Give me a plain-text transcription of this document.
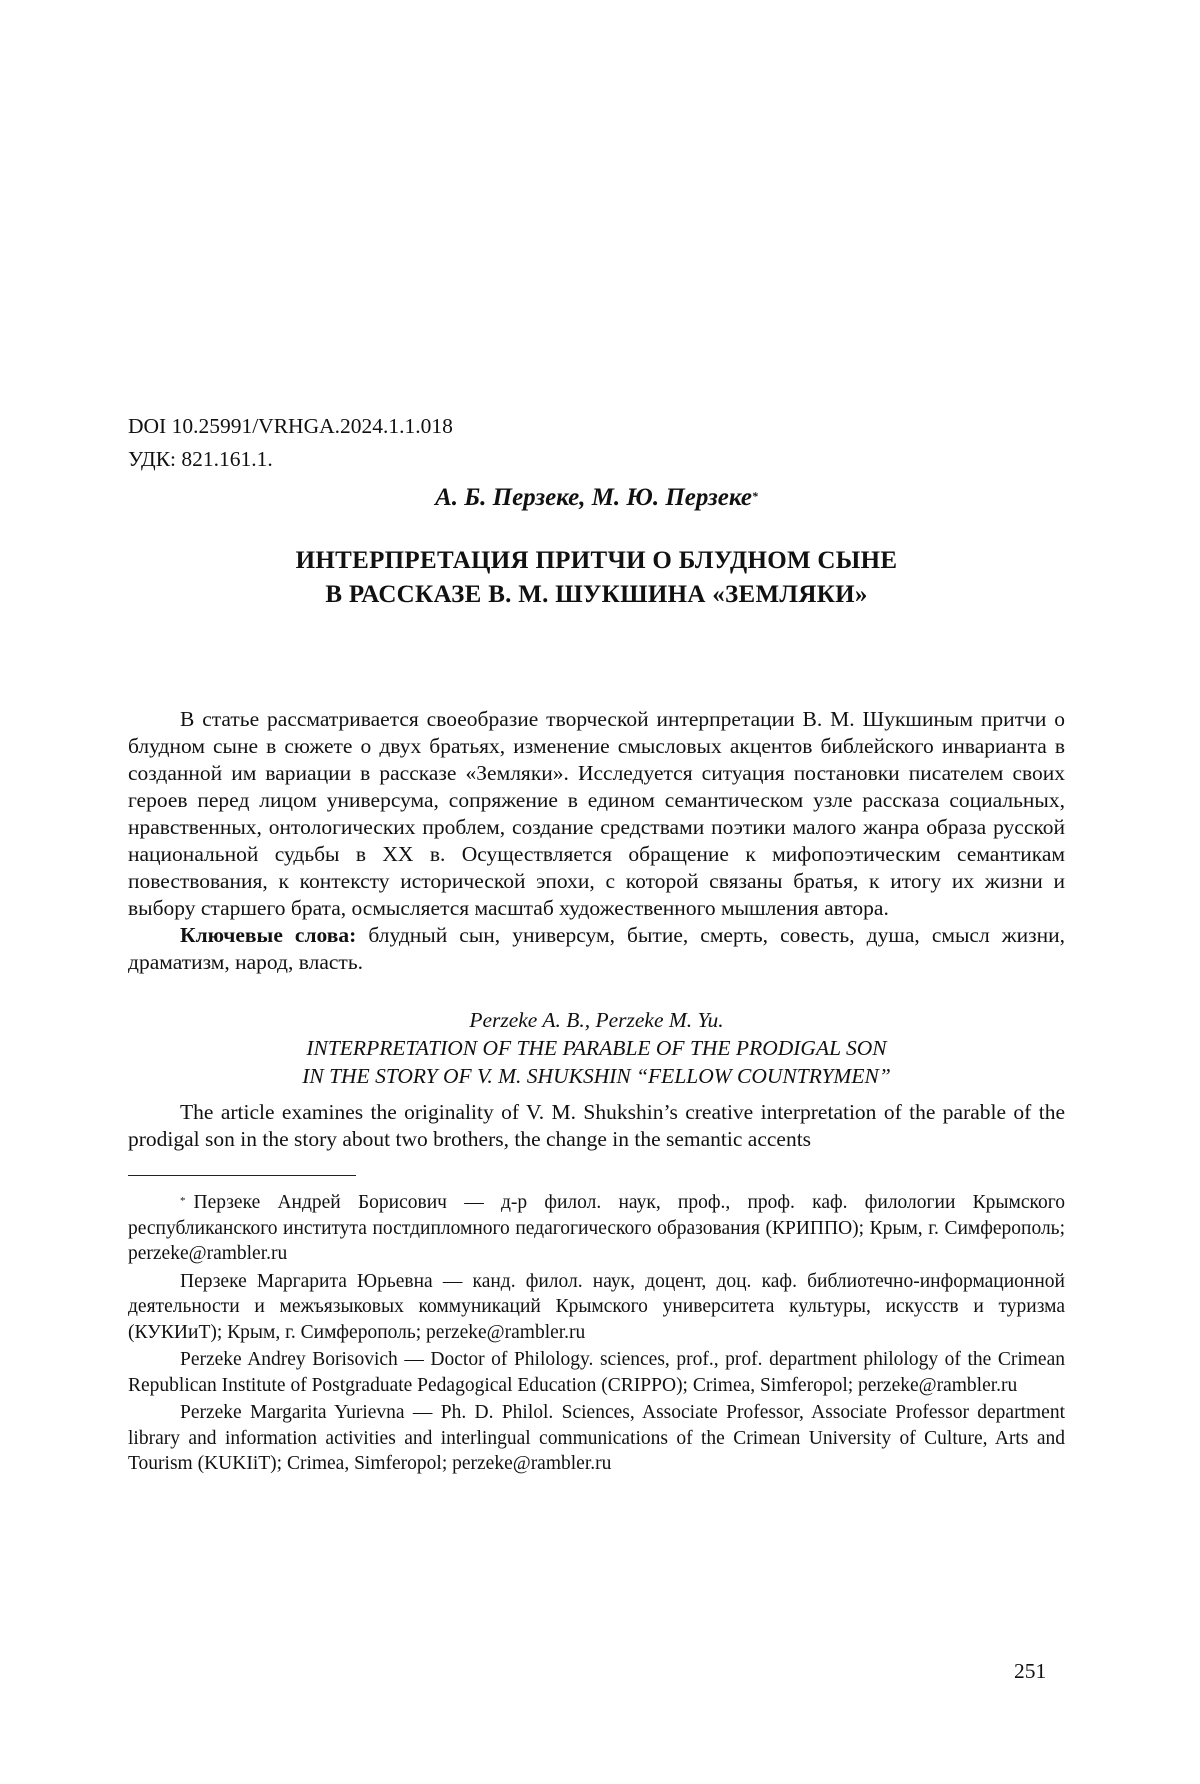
DOI 10.25991/VRHGA.2024.1.1.018

УДК: 821.161.1.

А. Б. Перзеке, М. Ю. Перзеке*
ИНТЕРПРЕТАЦИЯ ПРИТЧИ О БЛУДНОМ СЫНЕ
В РАССКАЗЕ В. М. ШУКШИНА «ЗЕМЛЯКИ»

В статье рассматривается своеобразие творческой интерпретации В. М. Шукшиным притчи о блудном сыне в сюжете о двух братьях, изменение смысловых акцентов библейского инварианта в созданной им вариации в рассказе «Земляки». Исследуется ситуация постановки писателем своих героев перед лицом универсума, сопряжение в едином семантическом узле рассказа социальных, нравственных, онтологических проблем, создание средствами поэтики малого жанра образа русской национальной судьбы в XX в. Осуществляется обращение к мифопоэтическим семантикам повествования, к контексту исторической эпохи, с которой связаны братья, к итогу их жизни и выбору старшего брата, осмысляется масштаб художественного мышления автора.

Ключевые слова: блудный сын, универсум, бытие, смерть, совесть, душа, смысл жизни, драматизм, народ, власть.

Perzeke A. B., Perzeke M. Yu.
INTERPRETATION OF THE PARABLE OF THE PRODIGAL SON
IN THE STORY OF V. M. SHUKSHIN “FELLOW COUNTRYMEN”

The article examines the originality of V. M. Shukshin’s creative interpretation of the parable of the prodigal son in the story about two brothers, the change in the semantic accents

* Перзеке Андрей Борисович — д-р филол. наук, проф., проф. каф. филологии Крымского республиканского института постдипломного педагогического образования (КРИППО); Крым, г. Симферополь; perzeke@rambler.ru

Перзеке Маргарита Юрьевна — канд. филол. наук, доцент, доц. каф. библиотечно-информационной деятельности и межъязыковых коммуникаций Крымского университета культуры, искусств и туризма (КУКИиТ); Крым, г. Симферополь; perzeke@rambler.ru

Perzeke Andrey Borisovich — Doctor of Philology. sciences, prof., prof. department philology of the Crimean Republican Institute of Postgraduate Pedagogical Education (CRIPPO); Crimea, Simferopol; perzeke@rambler.ru

Perzeke Margarita Yurievna — Ph. D. Philol. Sciences, Associate Professor, Associate Professor department library and information activities and interlingual communications of the Crimean University of Culture, Arts and Tourism (KUKIiT); Crimea, Simferopol; perzeke@rambler.ru

251
